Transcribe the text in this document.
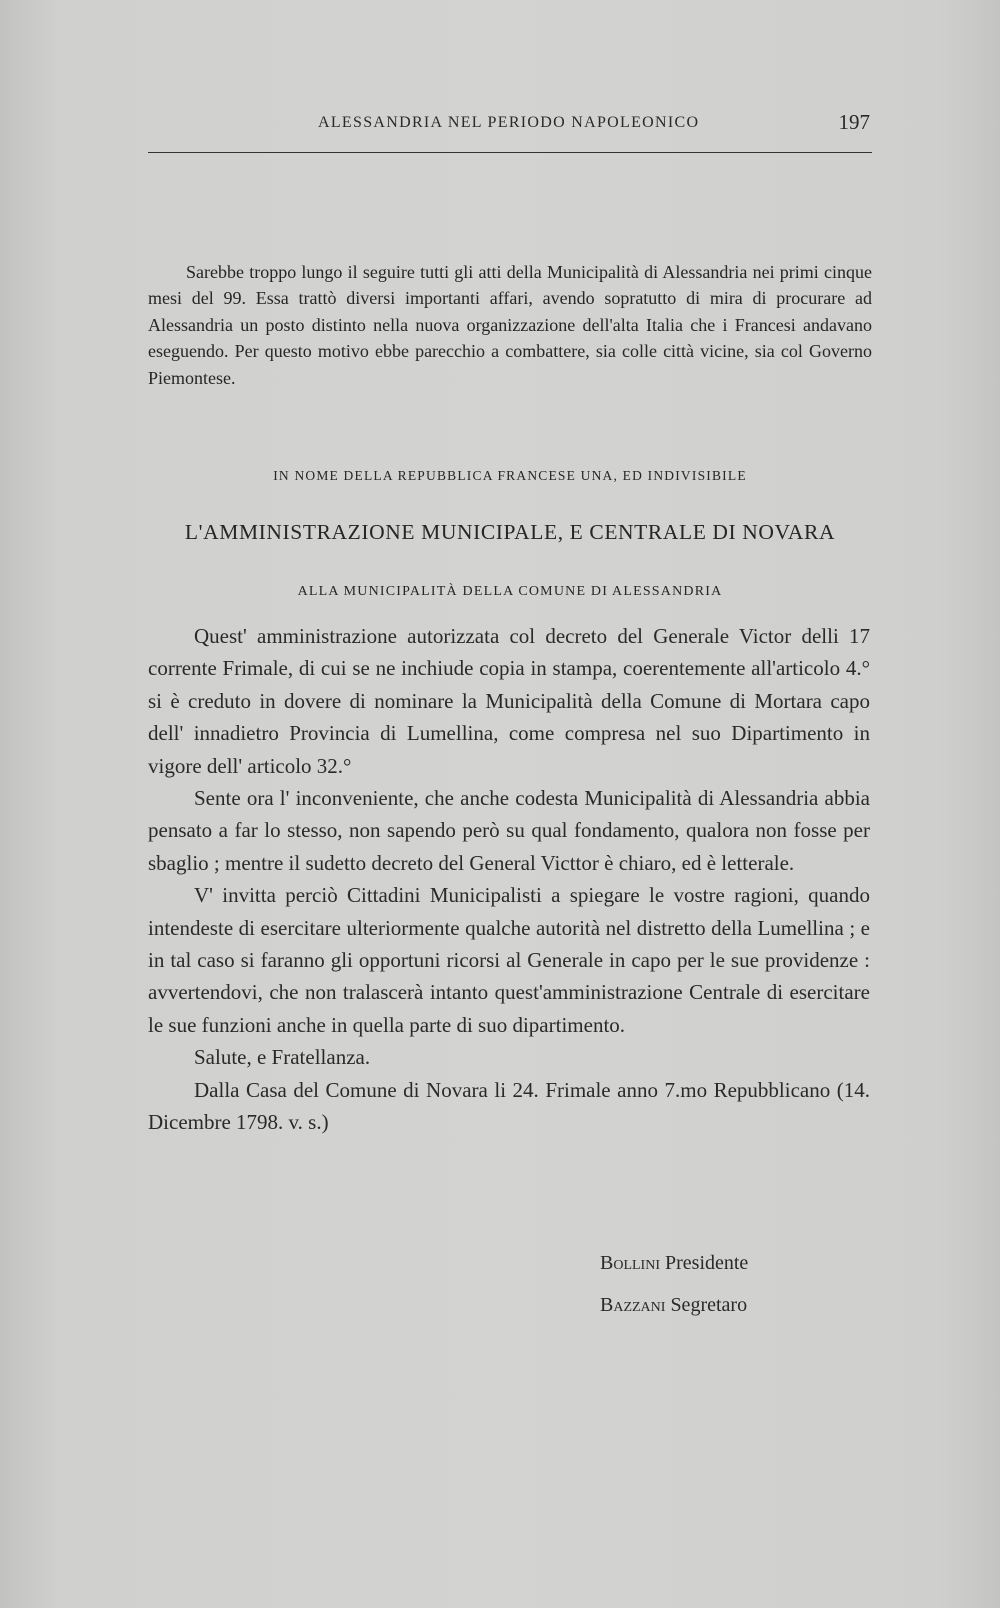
ALESSANDRIA NEL PERIODO NAPOLEONICO	197

Sarebbe troppo lungo il seguire tutti gli atti della Municipalità di Alessandria nei primi cinque mesi del 99. Essa trattò diversi importanti affari, avendo sopratutto di mira di procurare ad Alessandria un posto distinto nella nuova organizzazione dell'alta Italia che i Francesi andavano eseguendo. Per questo motivo ebbe parecchio a combattere, sia colle città vicine, sia col Governo Piemontese.

IN NOME DELLA REPUBBLICA FRANCESE UNA, ED INDIVISIBILE
L'AMMINISTRAZIONE MUNICIPALE, E CENTRALE DI NOVARA
ALLA MUNICIPALITÀ DELLA COMUNE DI ALESSANDRIA

Quest' amministrazione autorizzata col decreto del Generale Victor delli 17 corrente Frimale, di cui se ne inchiude copia in stampa, coerentemente all'articolo 4.° si è creduto in dovere di nominare la Municipalità della Comune di Mortara capo dell' innadietro Provincia di Lumellina, come compresa nel suo Dipartimento in vigore dell' articolo 32.°

Sente ora l' inconveniente, che anche codesta Municipalità di Alessandria abbia pensato a far lo stesso, non sapendo però su qual fondamento, qualora non fosse per sbaglio ; mentre il sudetto decreto del General Victtor è chiaro, ed è letterale.

V' invitta perciò Cittadini Municipalisti a spiegare le vostre ragioni, quando intendeste di esercitare ulteriormente qualche autorità nel distretto della Lumellina ; e in tal caso si faranno gli opportuni ricorsi al Generale in capo per le sue providenze : avvertendovi, che non tralascerà intanto quest'amministrazione Centrale di esercitare le sue funzioni anche in quella parte di suo dipartimento.

Salute, e Fratellanza.

Dalla Casa del Comune di Novara li 24. Frimale anno 7.mo Repubblicano (14. Dicembre 1798. v. s.)

Bollini Presidente
Bazzani Segretaro
